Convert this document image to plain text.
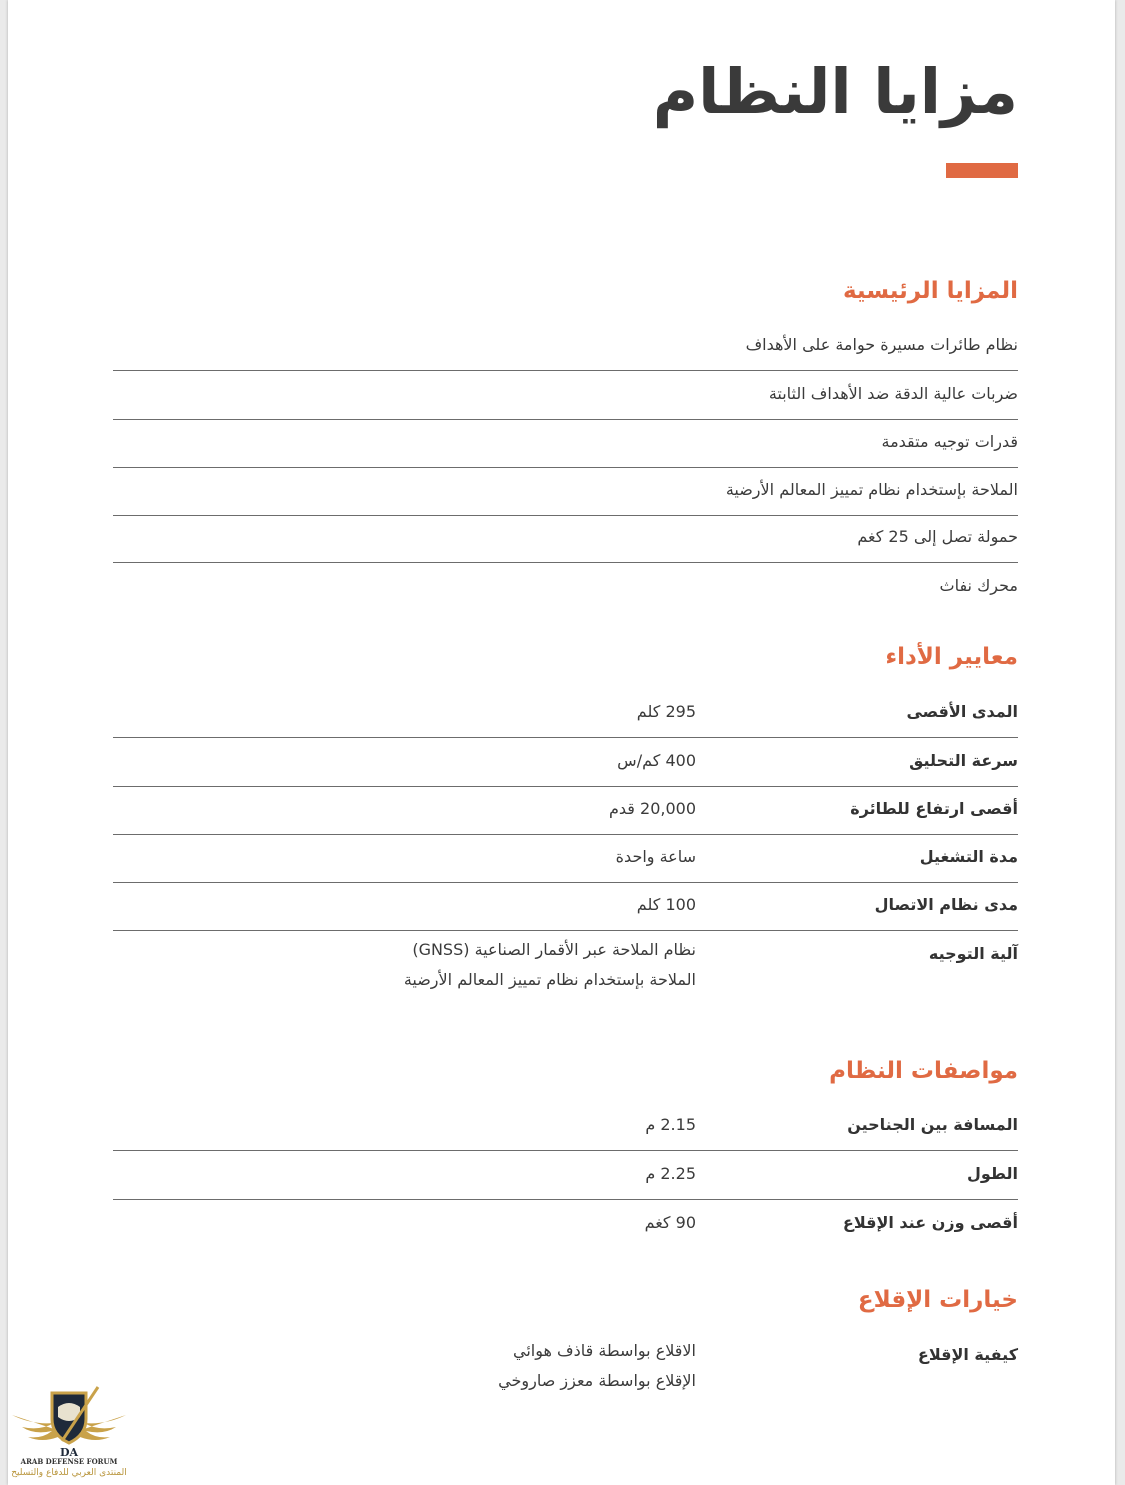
مزايا النظام
المزايا الرئيسية
نظام طائرات مسيرة حوامة على الأهداف
ضربات عالية الدقة ضد الأهداف الثابتة
قدرات توجيه متقدمة
الملاحة بإستخدام نظام تمييز المعالم الأرضية
حمولة تصل إلى 25 كغم
محرك نفاث
معايير الأداء
المدى الأقصى
295 كلم
سرعة التحليق
400 كم/س
أقصى ارتفاع للطائرة
20,000 قدم
مدة التشغيل
ساعة واحدة
مدى نظام الاتصال
100 كلم
آلية التوجيه
نظام الملاحة عبر الأقمار الصناعية (GNSS)
الملاحة بإستخدام نظام تمييز المعالم الأرضية
مواصفات النظام
المسافة بين الجناحين
2.15 م
الطول
2.25 م
أقصى وزن عند الإقلاع
90 كغم
خيارات الإقلاع
كيفية الإقلاع
الاقلاع بواسطة قاذف هوائي
الإقلاع بواسطة معزز صاروخي
DA
ARAB DEFENSE FORUM
المنتدى العربي للدفاع والتسليح
